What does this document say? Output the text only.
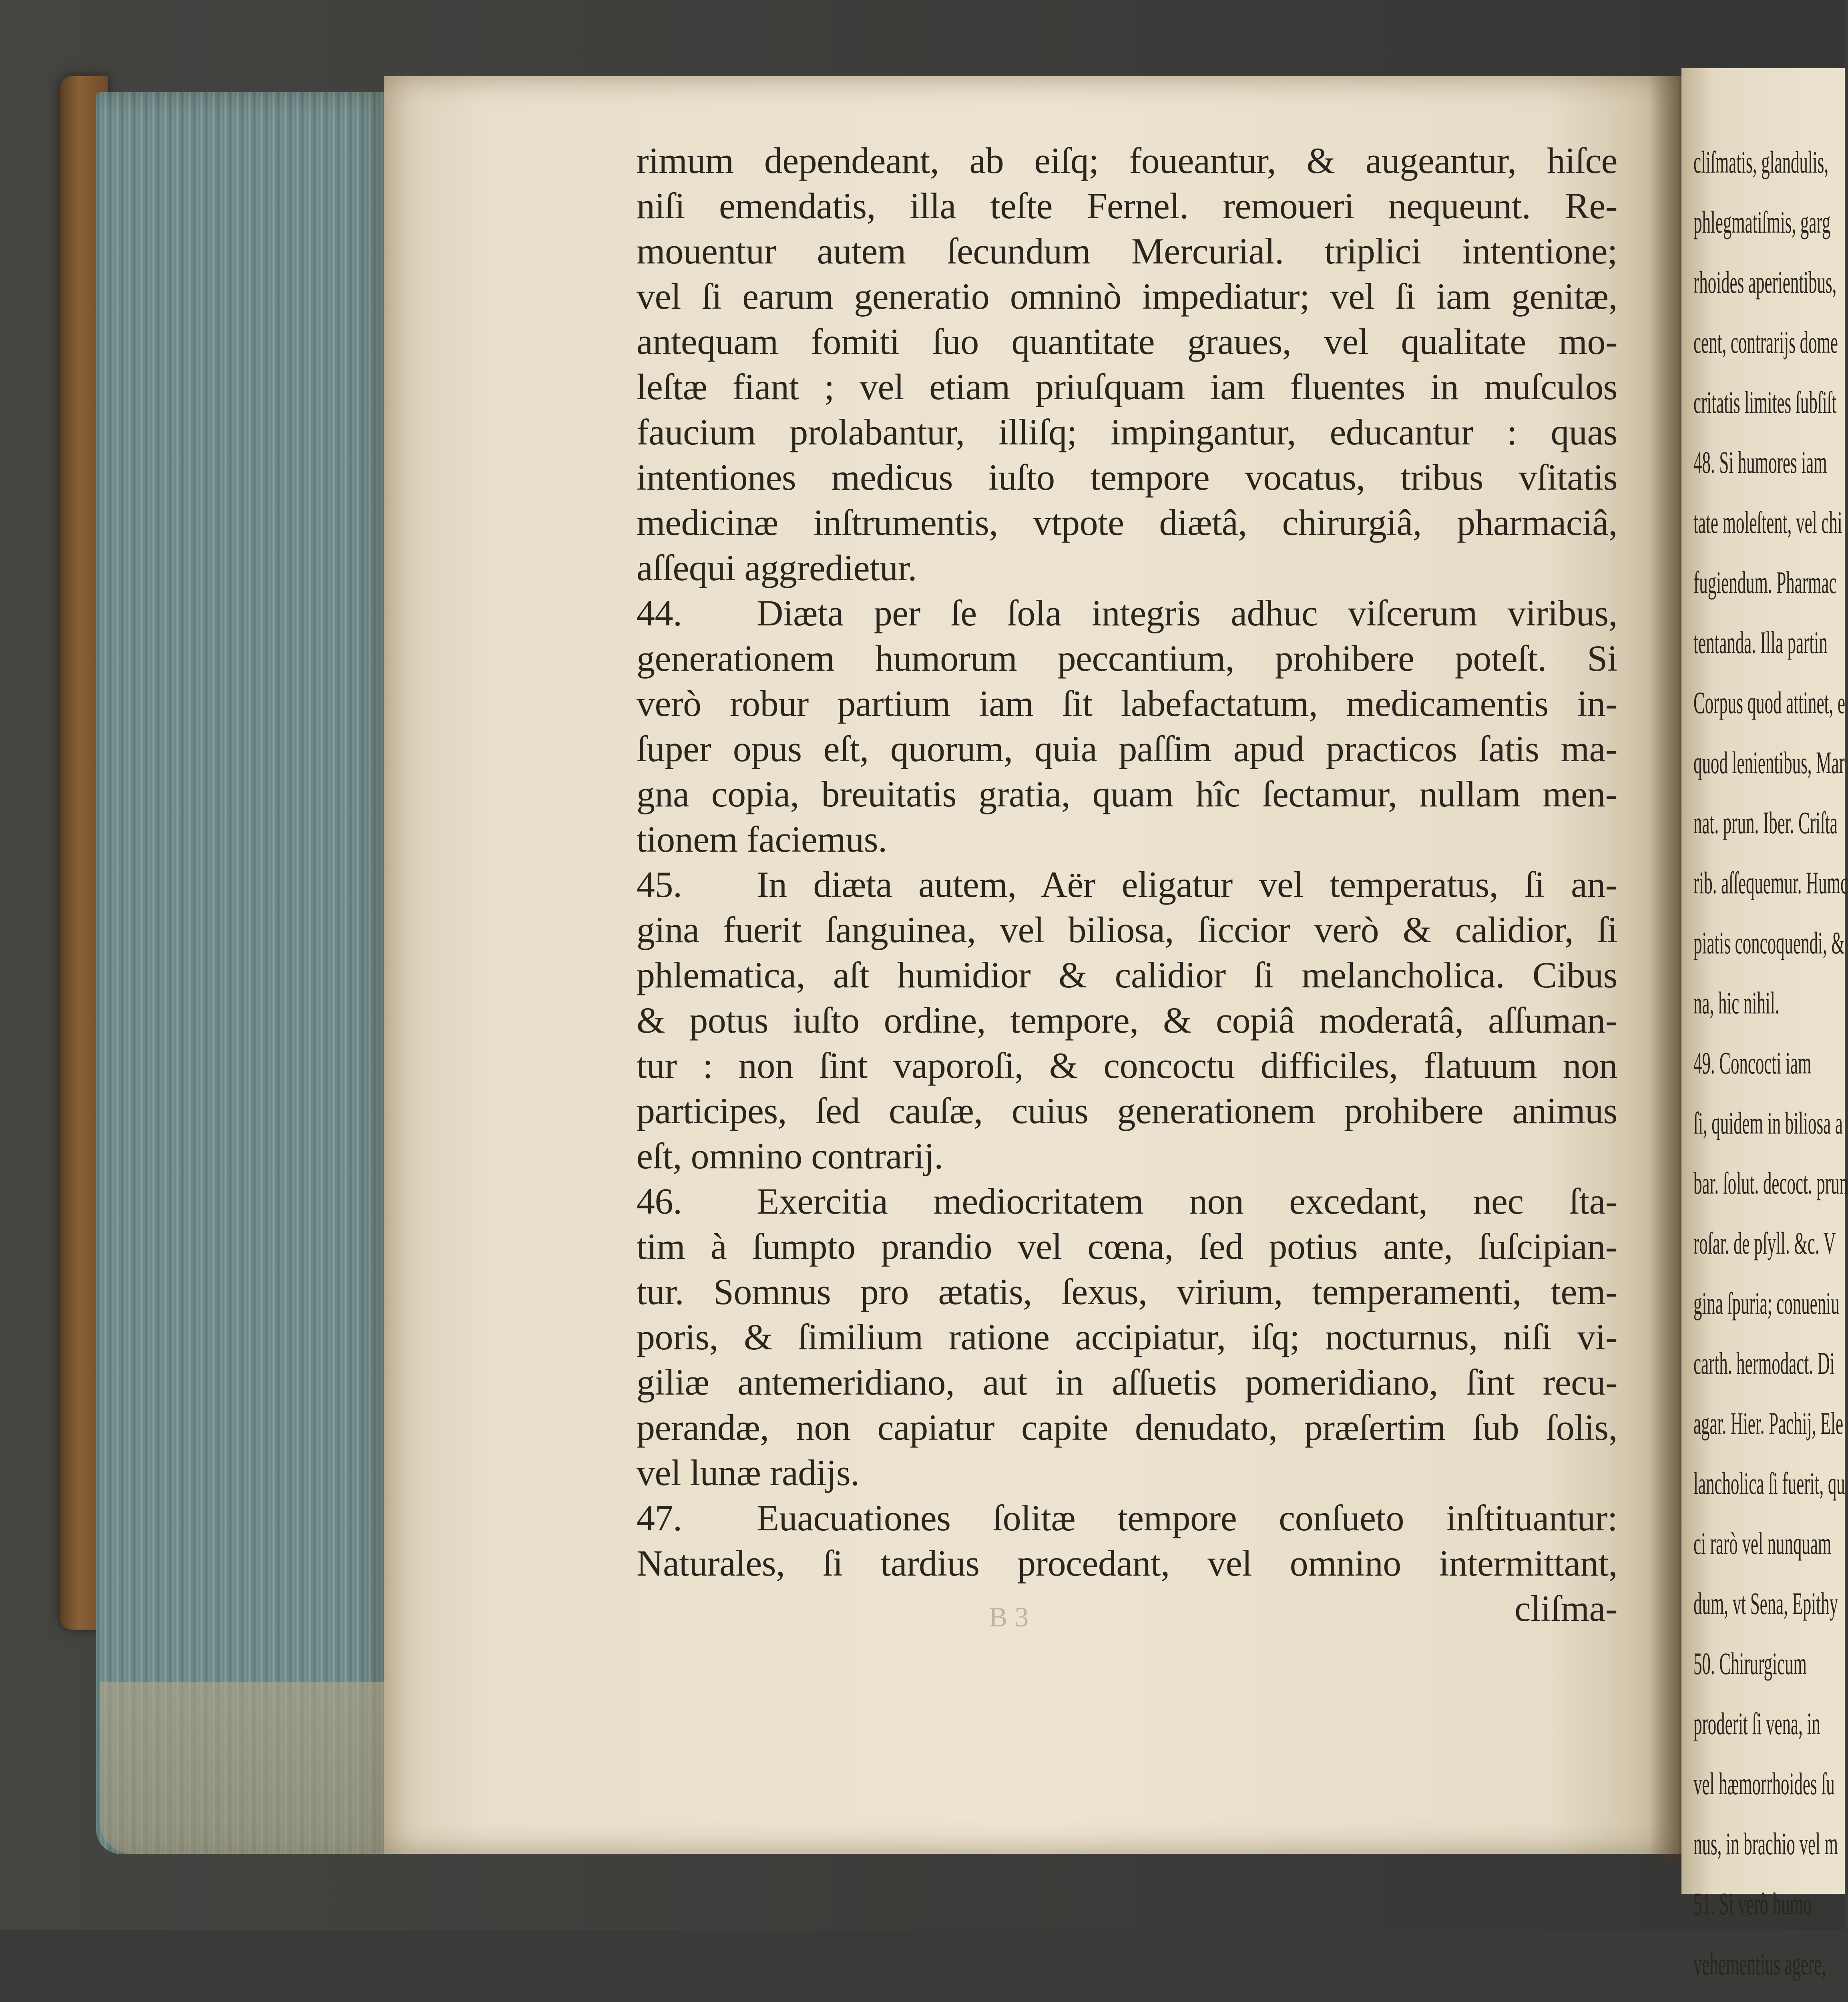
rimum dependeant, ab eiſq; foueantur, & augeantur, hiſce
niſi emendatis, illa teſte Fernel. remoueri nequeunt. Re-
mouentur autem ſecundum Mercurial. triplici intentione;
vel ſi earum generatio omninò impediatur; vel ſi iam genitæ,
antequam fomiti ſuo quantitate graues, vel qualitate mo-
leſtæ fiant ; vel etiam priuſquam iam fluentes in muſculos
faucium prolabantur, illiſq; impingantur, educantur : quas
intentiones medicus iuſto tempore vocatus, tribus vſitatis
medicinæ inſtrumentis, vtpote diætâ, chirurgiâ, pharmaciâ,
aſſequi aggredietur.
44. Diæta per ſe ſola integris adhuc viſcerum viribus,
generationem humorum peccantium, prohibere poteſt. Si
verò robur partium iam ſit labefactatum, medicamentis in-
ſuper opus eſt, quorum, quia paſſim apud practicos ſatis ma-
gna copia, breuitatis gratia, quam hîc ſectamur, nullam men-
tionem faciemus.
45. In diæta autem, Aër eligatur vel temperatus, ſi an-
gina fuerit ſanguinea, vel biliosa, ſiccior verò & calidior, ſi
phlematica, aſt humidior & calidior ſi melancholica. Cibus
& potus iuſto ordine, tempore, & copiâ moderatâ, aſſuman-
tur : non ſint vaporoſi, & concoctu difficiles, flatuum non
participes, ſed cauſæ, cuius generationem prohibere animus
eſt, omnino contrarij.
46. Exercitia mediocritatem non excedant, nec ſta-
tim à ſumpto prandio vel cœna, ſed potius ante, ſuſcipian-
tur. Somnus pro ætatis, ſexus, virium, temperamenti, tem-
poris, & ſimilium ratione accipiatur, iſq; nocturnus, niſi vi-
giliæ antemeridiano, aut in aſſuetis pomeridiano, ſint recu-
perandæ, non capiatur capite denudato, præſertim ſub ſolis,
vel lunæ radijs.
47. Euacuationes ſolitæ tempore conſueto inſtituantur:
Naturales, ſi tardius procedant, vel omnino intermittant,
cliſma-
B 3
cliſmatis, glandulis,
phlegmatiſmis, garg
rhoides aperientibus,
cent, contrarijs dome
critatis limites ſubſiſt
48. Si humores iam
tate moleſtent, vel chi
fugiendum. Pharmac
tentanda. Illa partin
Corpus quod attinet, e
quod lenientibus, Mar
nat. prun. Iber. Criſta
rib. aſſequemur. Humc
piatis concoquendi, &
na, hic nihil.
49. Concocti iam
ſi, quidem in biliosa a
bar. ſolut. decoct. prun
roſar. de pſyll. &c. V
gina ſpuria; conueniu
carth. hermodact. Di
agar. Hier. Pachij, Ele
lancholica ſi fuerit, qu
ci rarò vel nunquam
dum, vt Sena, Epithy
50. Chirurgicum
proderit ſi vena, in
vel hæmorrhoides ſu
nus, in brachio vel m
51. Si verò humo
vehementius agere,
